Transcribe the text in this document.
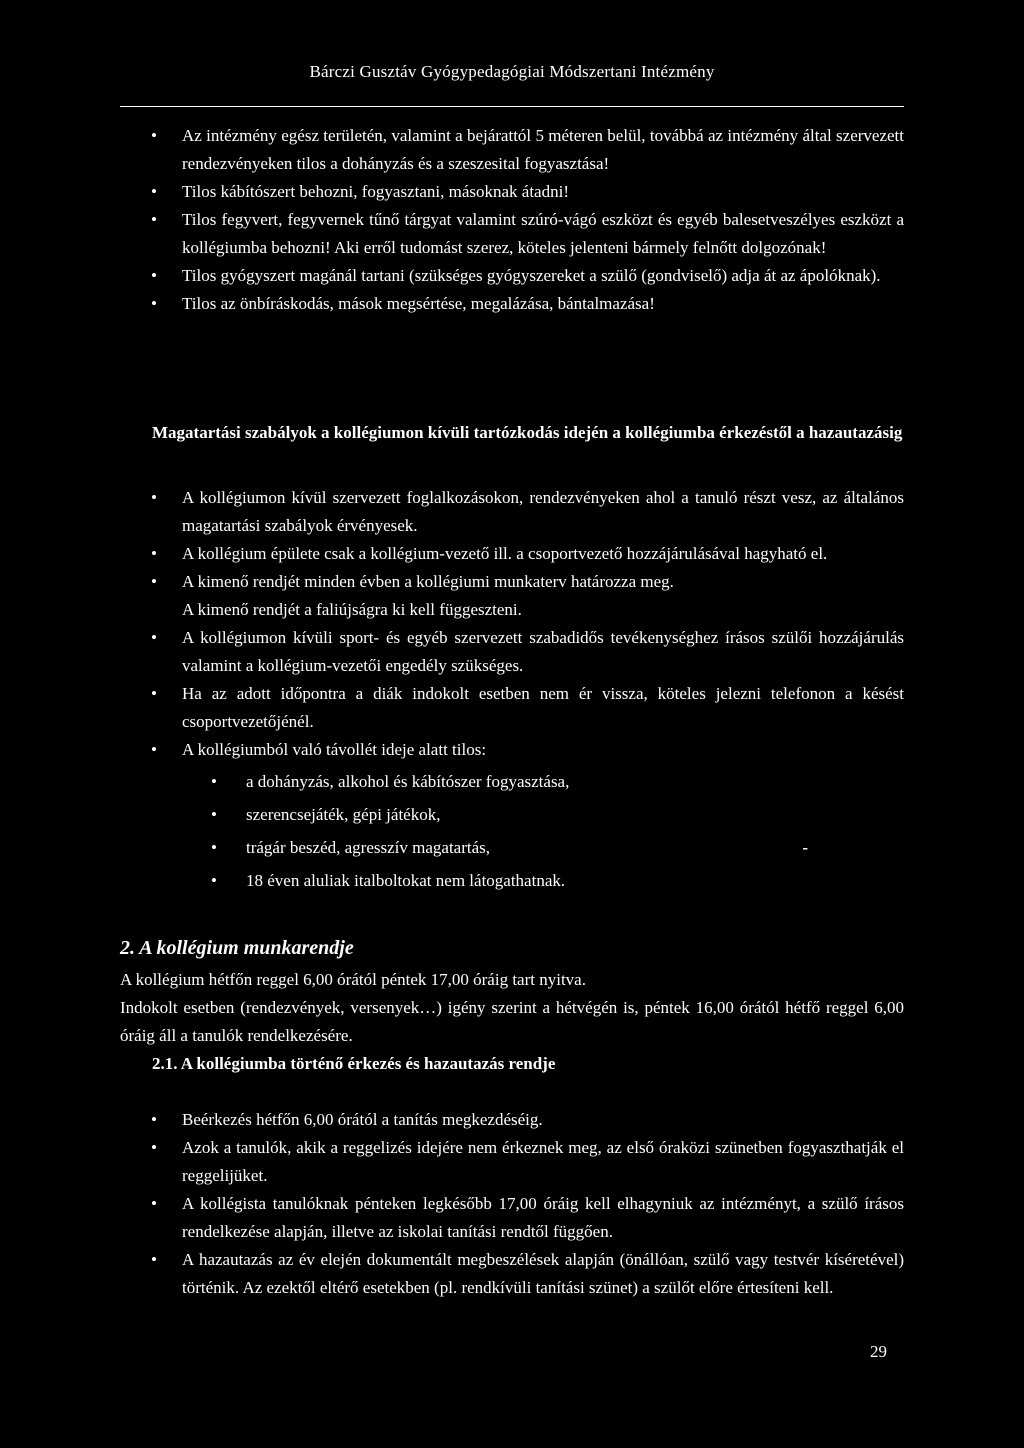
Bárczi Gusztáv Gyógypedagógiai Módszertani Intézmény
• Az intézmény egész területén, valamint a bejárattól 5 méteren belül, továbbá az intézmény által szervezett rendezvényeken tilos a dohányzás és a szeszesital fogyasztása!
• Tilos kábítószert behozni, fogyasztani, másoknak átadni!
• Tilos fegyvert, fegyvernek tűnő tárgyat valamint szúró-vágó eszközt és egyéb balesetveszélyes eszközt a kollégiumba behozni! Aki erről tudomást szerez, köteles jelenteni bármely felnőtt dolgozónak!
• Tilos gyógyszert magánál tartani (szükséges gyógyszereket a szülő (gondviselő) adja át az ápolóknak).
• Tilos az önbíráskodás, mások megsértése, megalázása, bántalmazása!
Magatartási szabályok a kollégiumon kívüli tartózkodás idején a kollégiumba érkezéstől a hazautazásig
• A kollégiumon kívül szervezett foglalkozásokon, rendezvényeken ahol a tanuló részt vesz, az általános magatartási szabályok érvényesek.
• A kollégium épülete csak a kollégium-vezető ill. a csoportvezető hozzájárulásával hagyható el.
• A kimenő rendjét minden évben a kollégiumi munkaterv határozza meg.
A kimenő rendjét a faliújságra ki kell függeszteni.
• A kollégiumon kívüli sport- és egyéb szervezett szabadidős tevékenységhez írásos szülői hozzájárulás valamint a kollégium-vezetői engedély szükséges.
• Ha az adott időpontra a diák indokolt esetben nem ér vissza, köteles jelezni telefonon a késést csoportvezetőjénél.
• A kollégiumból való távollét ideje alatt tilos:
• a dohányzás, alkohol és kábítószer fogyasztása,
• szerencsejáték, gépi játékok,
• trágár beszéd, agresszív magatartás,	-
• 18 éven aluliak italboltokat nem látogathatnak.
2. A kollégium munkarendje
A kollégium hétfőn reggel 6,00 órától péntek 17,00 óráig tart nyitva.
Indokolt esetben (rendezvények, versenyek…) igény szerint a hétvégén is, péntek 16,00 órától hétfő reggel 6,00 óráig áll a tanulók rendelkezésére.
2.1. A kollégiumba történő érkezés és hazautazás rendje
• Beérkezés hétfőn 6,00 órától a tanítás megkezdéséig.
• Azok a tanulók, akik a reggelizés idejére nem érkeznek meg, az első óraközi szünetben fogyaszthatják el reggelijüket.
• A kollégista tanulóknak pénteken legkésőbb 17,00 óráig kell elhagyniuk az intézményt, a szülő írásos rendelkezése alapján, illetve az iskolai tanítási rendtől függően.
• A hazautazás az év elején dokumentált megbeszélések alapján (önállóan, szülő vagy testvér kíséretével) történik. Az ezektől eltérő esetekben (pl. rendkívüli tanítási szünet) a szülőt előre értesíteni kell.
29
